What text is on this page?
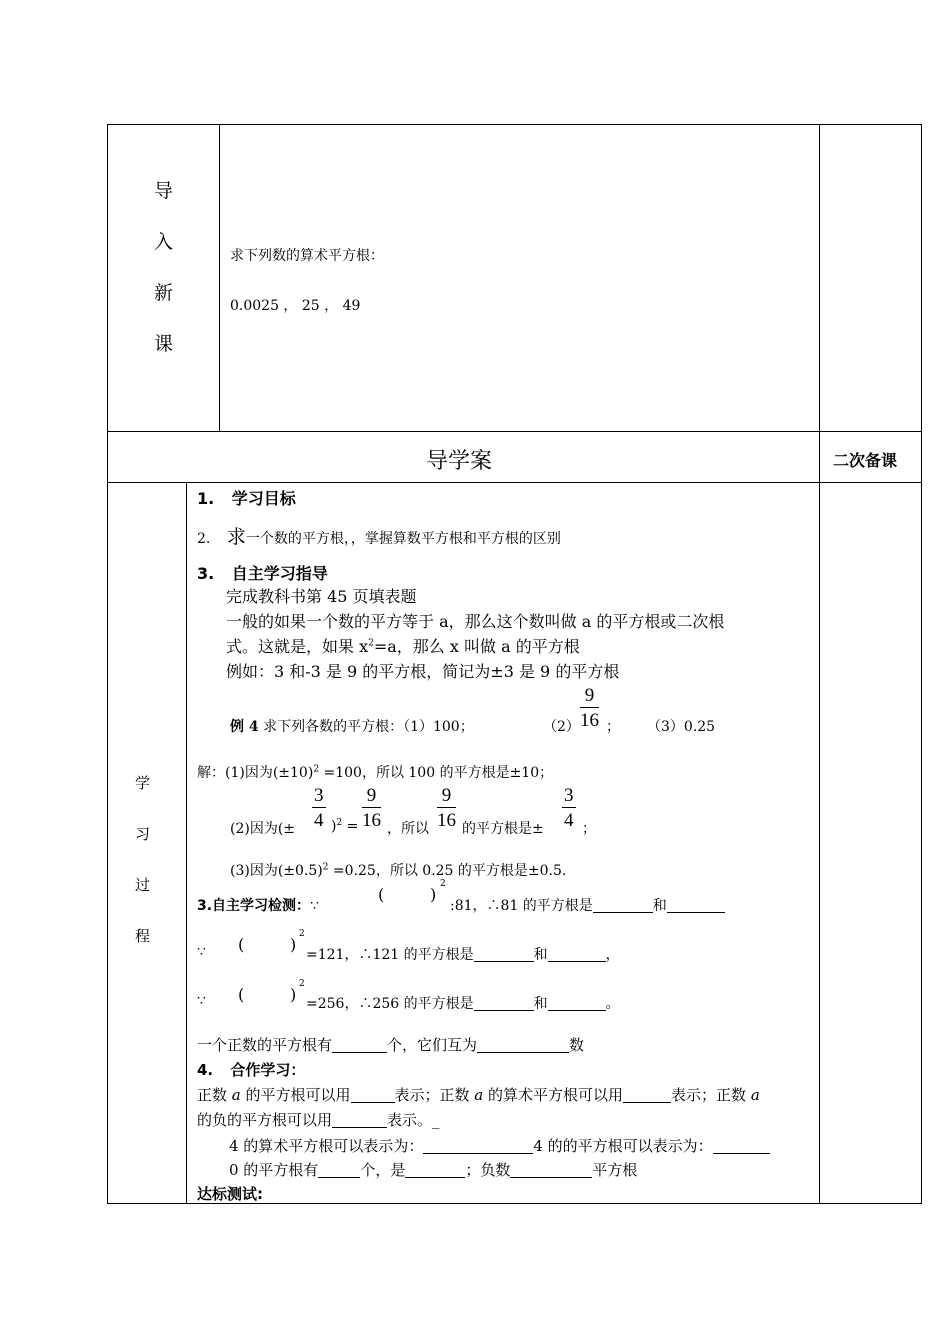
导
入
新
课
求下列数的算术平方根：
0.0025 ， 25 ， 49
导学案	二次备课
学
习
过
程
1. 学习目标
2. 求一个数的平方根，，掌握算数平方根和平方根的区别
3. 自主学习指导
完成教科书第 45 页填表题
一般的如果一个数的平方等于 a，那么这个数叫做 a 的平方根或二次根
式。这就是，如果 $x^2=a$，那么 x 叫做 a 的平方根
例如：3 和-3 是 9 的平方根，简记为±3 是 9 的平方根
例 4 求下列各数的平方根：（1）100；	$(2) \frac{9}{16}$ ； （3）0.25
解：(1)因为$(\pm 10)^2 =100$，所以 100 的平方根是±10；
(2)因为(± $\frac{3}{4} )^2 = \frac{9}{16}$ ，所以 $\frac{9}{16}$ 的平方根是± $\frac{3}{4}$ ；
(3)因为$(\pm 0.5)^2 =0.25$，所以 0.25 的平方根是±0.5.
3.自主学习检测：∵
(	)
2
:81，∴81 的平方根是	和
∵ (	)
2
=121，∴121 的平方根是	和	，
∵ (	)
2
=256，∴256 的平方根是	和	。
一个正数的平方根有	个，它们互为	数
4. 合作学习：
正数 a 的平方根可以用	表示；正数 a 的算术平方根可以用	表示；正数 a
的负的平方根可以用	表示。_
4 的算术平方根可以表示为：	4 的的平方根可以表示为：
0 的平方根有	个，是	；负数	平方根
达标测试:
